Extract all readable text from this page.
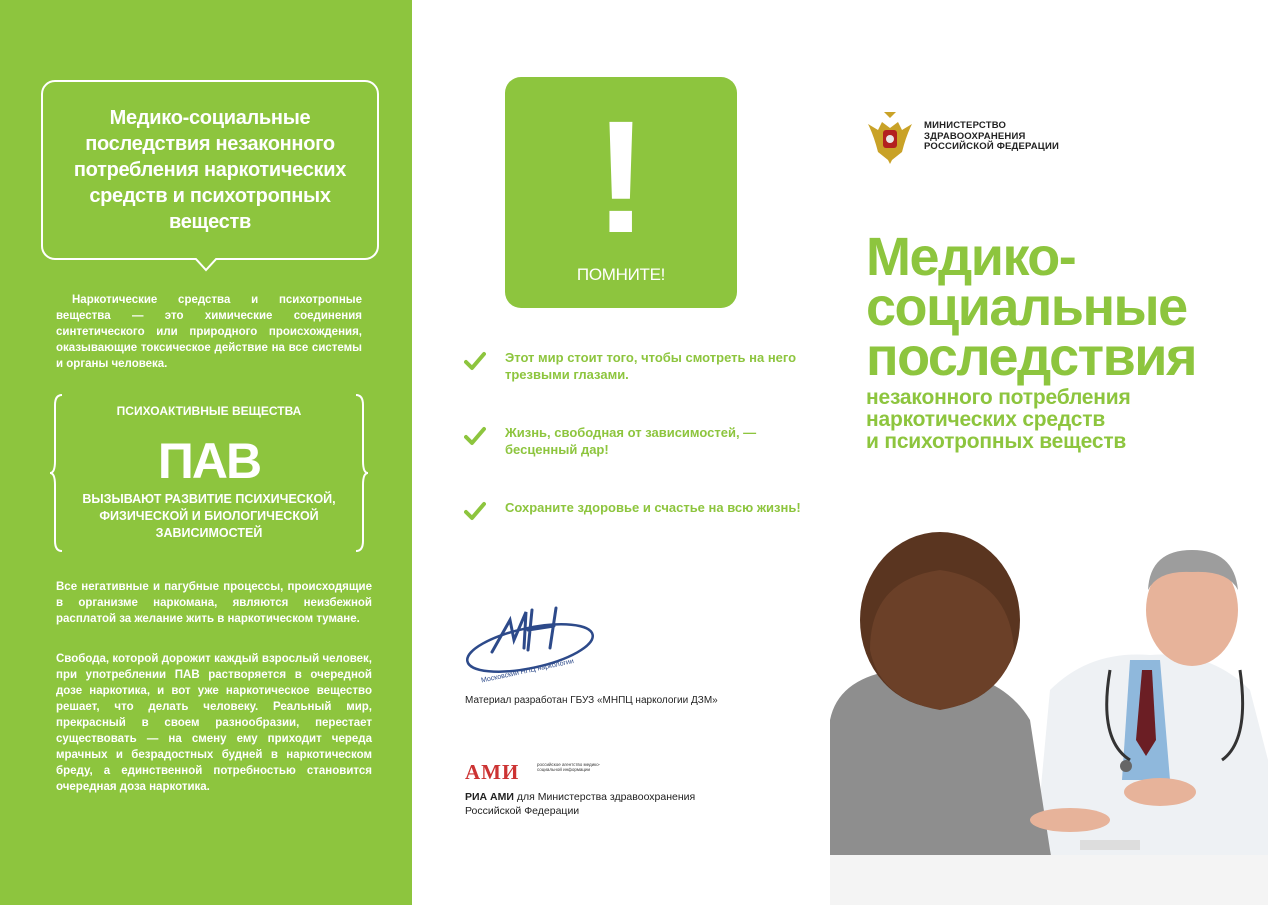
Медико-социальные последствия незаконного потребления наркотических средств и психотропных веществ
Наркотические средства и психотропные вещества — это химические соединения синтетического или природного происхождения, оказывающие токсическое действие на все системы и органы человека.
ПСИХОАКТИВНЫЕ ВЕЩЕСТВА
ПАВ
ВЫЗЫВАЮТ РАЗВИТИЕ ПСИХИЧЕСКОЙ, ФИЗИЧЕСКОЙ И БИОЛОГИЧЕСКОЙ ЗАВИСИМОСТЕЙ
Все негативные и пагубные процессы, происходящие в организме наркомана, являются неизбежной расплатой за желание жить в наркотическом тумане.
Свобода, которой дорожит каждый взрослый человек, при употреблении ПАВ растворяется в очередной дозе наркотика, и вот уже наркотическое вещество решает, что делать человеку. Реальный мир, прекрасный в своем разнообразии, перестает существовать — на смену ему приходит череда мрачных и безрадостных будней в наркотическом бреду, а единственной потребностью становится очередная доза наркотика.
!
ПОМНИТЕ!
Этот мир стоит того, чтобы смотреть на него трезвыми глазами.
Жизнь, свободная от зависимостей, — бесценный дар!
Сохраните здоровье и счастье на всю жизнь!
Московский НПЦ наркологии
Материал разработан ГБУЗ «МНПЦ наркологии ДЗМ»
АМИ	российское агентство медико-социальной информации
РИА АМИ для Министерства здравоохранения Российской Федерации
МИНИСТЕРСТВО
ЗДРАВООХРАНЕНИЯ
РОССИЙСКОЙ ФЕДЕРАЦИИ
Медико-
социальные
последствия
незаконного потребления
наркотических средств
и психотропных веществ
